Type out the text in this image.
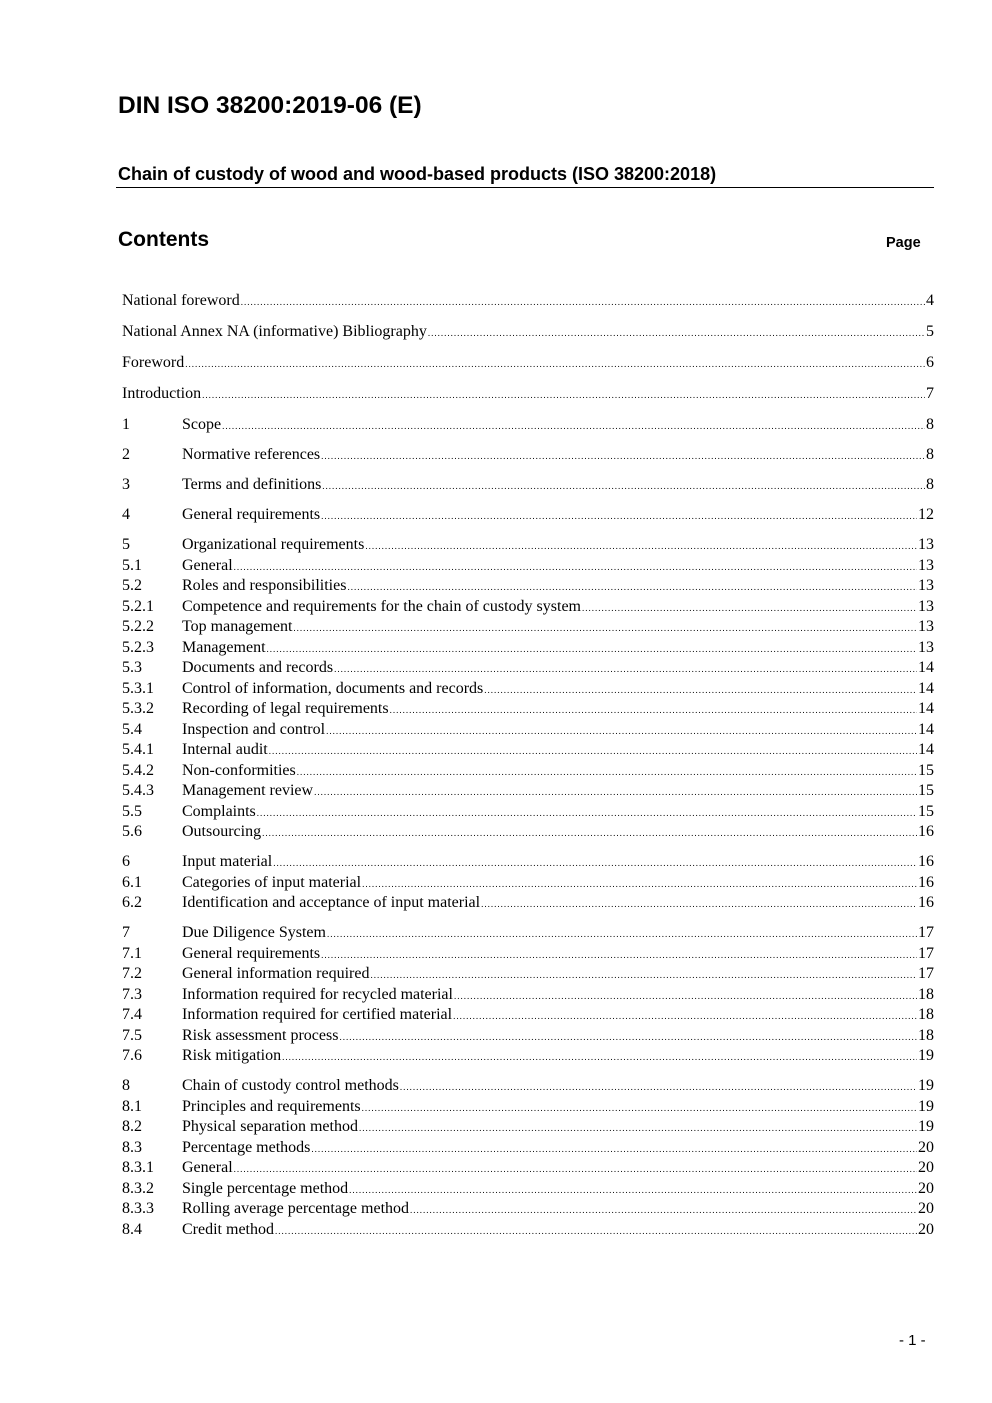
DIN ISO 38200:2019-06 (E)
Chain of custody of wood and wood-based products (ISO 38200:2018)
Contents	Page
National foreword .....	4
National Annex NA (informative) Bibliography .....	5
Foreword .....	6
Introduction .....	7
1	Scope .....	8
2	Normative references .....	8
3	Terms and definitions .....	8
4	General requirements .....	12
5	Organizational requirements .....	13
5.1	General .....	13
5.2	Roles and responsibilities .....	13
5.2.1	Competence and requirements for the chain of custody system .....	13
5.2.2	Top management .....	13
5.2.3	Management .....	13
5.3	Documents and records .....	14
5.3.1	Control of information, documents and records .....	14
5.3.2	Recording of legal requirements .....	14
5.4	Inspection and control .....	14
5.4.1	Internal audit .....	14
5.4.2	Non-conformities .....	15
5.4.3	Management review .....	15
5.5	Complaints .....	15
5.6	Outsourcing .....	16
6	Input material .....	16
6.1	Categories of input material .....	16
6.2	Identification and acceptance of input material .....	16
7	Due Diligence System .....	17
7.1	General requirements .....	17
7.2	General information required .....	17
7.3	Information required for recycled material .....	18
7.4	Information required for certified material .....	18
7.5	Risk assessment process .....	18
7.6	Risk mitigation .....	19
8	Chain of custody control methods .....	19
8.1	Principles and requirements .....	19
8.2	Physical separation method .....	19
8.3	Percentage methods .....	20
8.3.1	General .....	20
8.3.2	Single percentage method .....	20
8.3.3	Rolling average percentage method .....	20
8.4	Credit method .....	20
- 1 -
